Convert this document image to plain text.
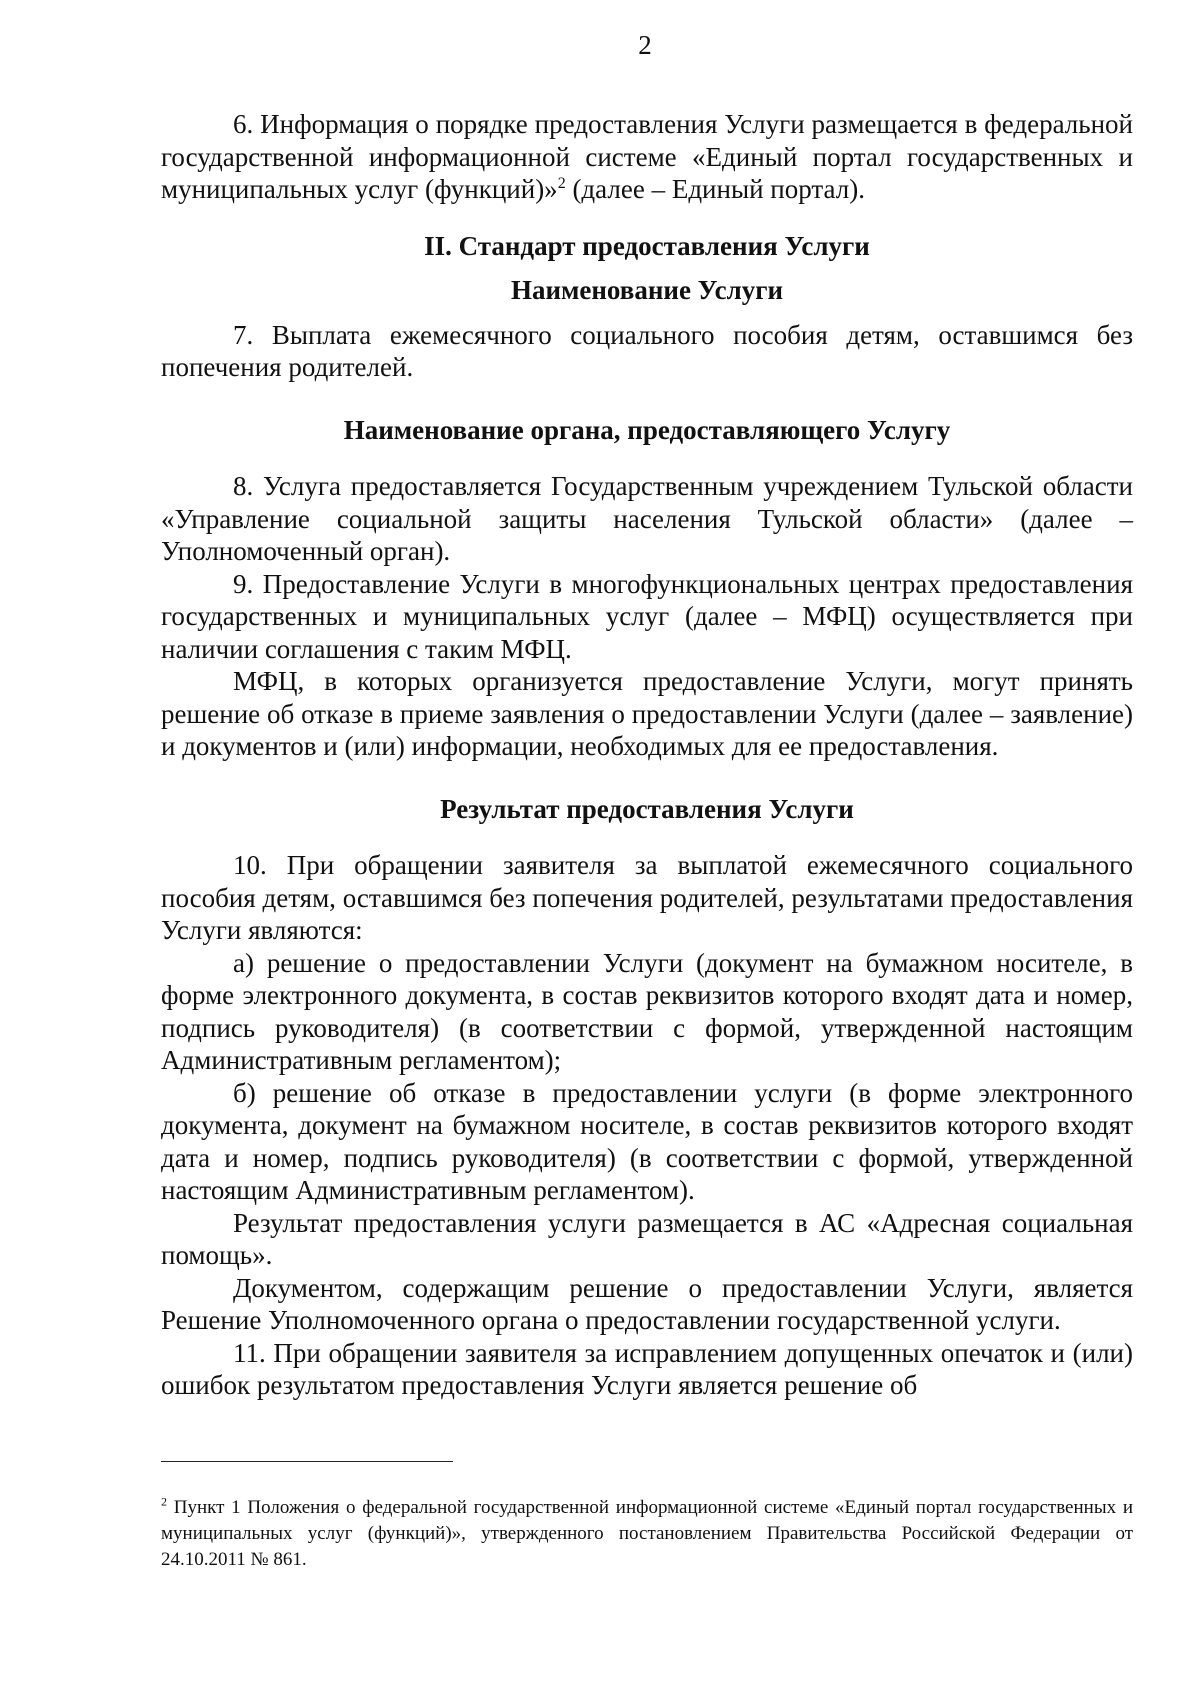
2

6. Информация о порядке предоставления Услуги размещается в федеральной государственной информационной системе «Единый портал государственных и муниципальных услуг (функций)»$^2$ (далее – Единый портал).

II. Стандарт предоставления Услуги
Наименование Услуги

7. Выплата ежемесячного социального пособия детям, оставшимся без попечения родителей.

Наименование органа, предоставляющего Услугу

8. Услуга предоставляется Государственным учреждением Тульской области «Управление социальной защиты населения Тульской области» (далее – Уполномоченный орган).

9. Предоставление Услуги в многофункциональных центрах предоставления государственных и муниципальных услуг (далее – МФЦ) осуществляется при наличии соглашения с таким МФЦ.

МФЦ, в которых организуется предоставление Услуги, могут принять решение об отказе в приеме заявления о предоставлении Услуги (далее – заявление) и документов и (или) информации, необходимых для ее предоставления.

Результат предоставления Услуги

10. При обращении заявителя за выплатой ежемесячного социального пособия детям, оставшимся без попечения родителей, результатами предоставления Услуги являются:

а) решение о предоставлении Услуги (документ на бумажном носителе, в форме электронного документа, в состав реквизитов которого входят дата и номер, подпись руководителя) (в соответствии с формой, утвержденной настоящим Административным регламентом);

б) решение об отказе в предоставлении услуги (в форме электронного документа, документ на бумажном носителе, в состав реквизитов которого входят дата и номер, подпись руководителя) (в соответствии с формой, утвержденной настоящим Административным регламентом).

Результат предоставления услуги размещается в АС «Адресная социальная помощь».

Документом, содержащим решение о предоставлении Услуги, является Решение Уполномоченного органа о предоставлении государственной услуги.

11. При обращении заявителя за исправлением допущенных опечаток и (или) ошибок результатом предоставления Услуги является решение об

$^2$ Пункт 1 Положения о федеральной государственной информационной системе «Единый портал государственных и муниципальных услуг (функций)», утвержденного постановлением Правительства Российской Федерации от 24.10.2011 № 861.
